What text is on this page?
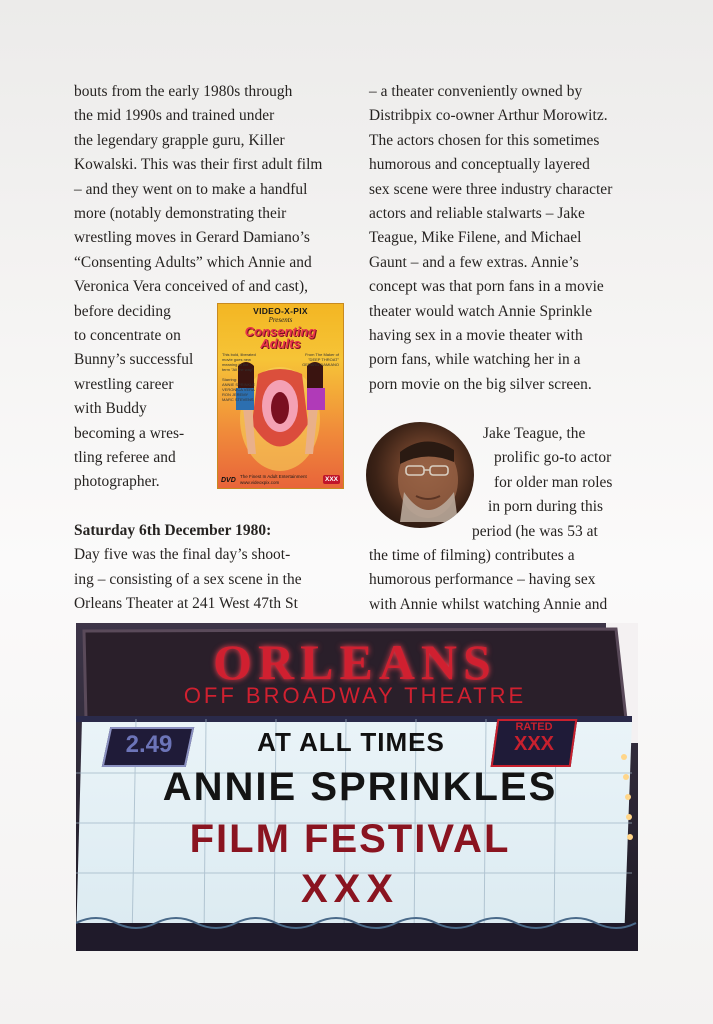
bouts from the early 1980s through
the mid 1990s and trained under
the legendary grapple guru, Killer
Kowalski. This was their first adult film
– and they went on to make a handful
more (notably demonstrating their
wrestling moves in Gerard Damiano’s
“Consenting Adults” which Annie and
Veronica Vera conceived of and cast),
before deciding
to concentrate on
Bunny’s successful
wrestling career
with Buddy
becoming a wres-
tling referee and
photographer.
Saturday 6th December 1980:
Day five was the final day’s shoot-
ing – consisting of a sex scene in the
Orleans Theater at 241 West 47th St
– a theater conveniently owned by
Distribpix co-owner Arthur Morowitz.
The actors chosen for this sometimes
humorous and conceptually layered
sex scene were three industry character
actors and reliable stalwarts – Jake
Teague, Mike Filene, and Michael
Gaunt – and a few extras. Annie’s
concept was that porn fans in a movie
theater would watch Annie Sprinkle
having sex in a movie theater with
porn fans, while watching her in a
porn movie on the big silver screen.
Jake Teague, the
prolific go-to actor
for older man roles
in porn during this
period (he was 53 at
the time of filming) contributes a
humorous performance – having sex
with Annie whilst watching Annie and
VIDEO-X-PIX
Presents
Consenting
Adults
This bold, liberated
movie goes new
meaning to the
term "All the way".

Starring:
ANNIE SPRINKLE
VERONICA VERA
RON JEREMY
MARC STEVENS
From The Maker of
"DEEP THROAT"
GERARD DAMIANO
DVD
The Finest In Adult Entertainment
www.videoxpix.com	XXX
ORLEANS
OFF BROADWAY THEATRE
2.49	AT ALL TIMES	RATED
XXX
ANNIE SPRINKLES
FILM FESTIVAL
XXX
